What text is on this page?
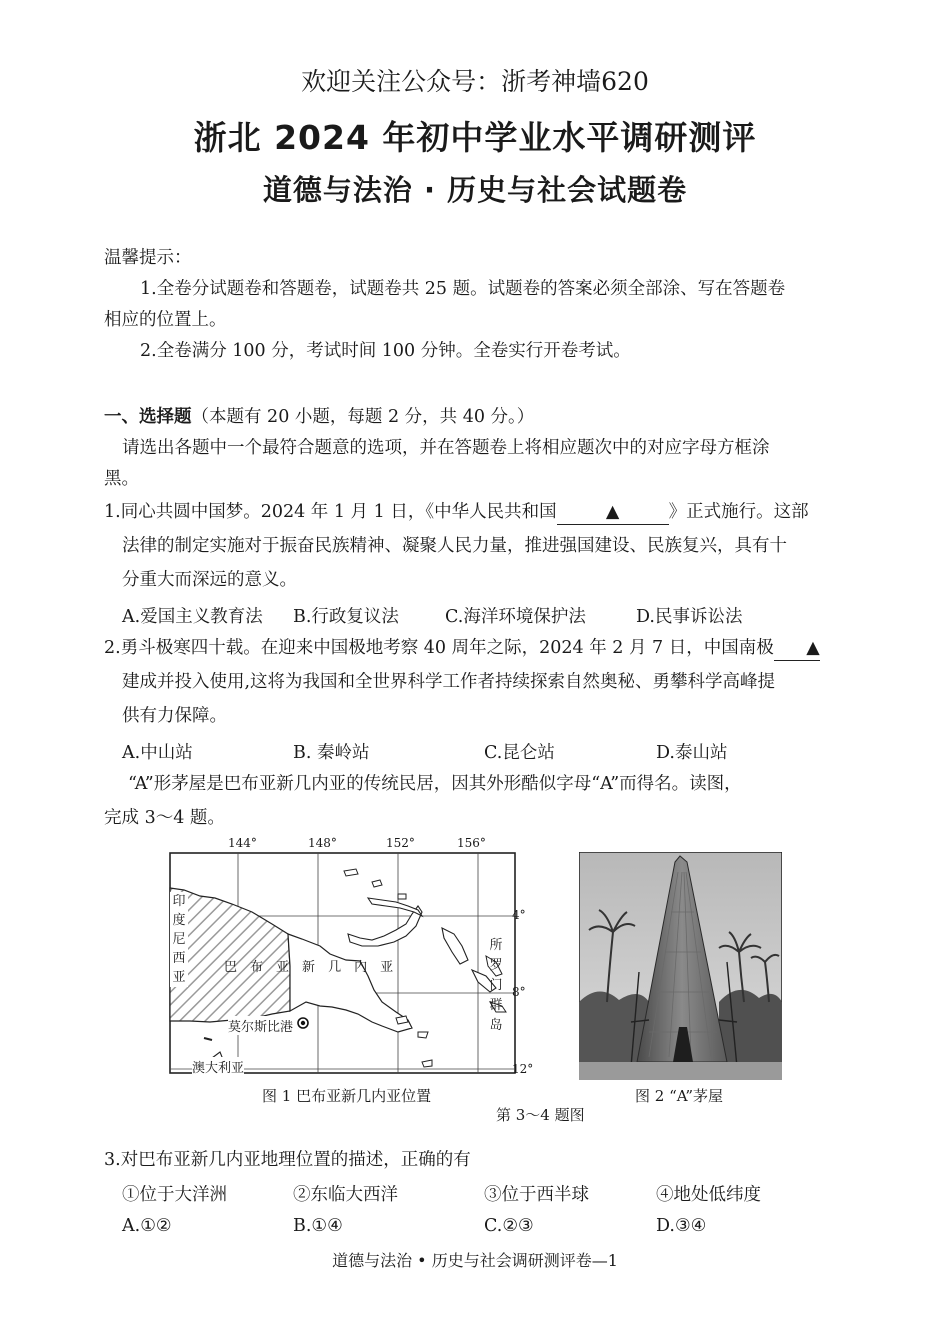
欢迎关注公众号：浙考神墙620
浙北 2024 年初中学业水平调研测评
道德与法治 · 历史与社会试题卷
温馨提示：
1.全卷分试题卷和答题卷，试题卷共 25 题。试题卷的答案必须全部涂、写在答题卷
相应的位置上。
2.全卷满分 100 分，考试时间 100 分钟。全卷实行开卷考试。
一、选择题（本题有 20 小题，每题 2 分，共 40 分。）
请选出各题中一个最符合题意的选项，并在答题卷上将相应题次中的对应字母方框涂
黑。
1.同心共圆中国梦。2024 年 1 月 1 日，《中华人民共和国	▲	》正式施行。这部
法律的制定实施对于振奋民族精神、凝聚人民力量，推进强国建设、民族复兴，具有十
分重大而深远的意义。
A.爱国主义教育法 B.行政复议法	C.海洋环境保护法	D.民事诉讼法
2.勇斗极寒四十载。在迎来中国极地考察 40 周年之际，2024 年 2 月 7 日，中国南极 ▲
建成并投入使用,这将为我国和全世界科学工作者持续探索自然奥秘、勇攀科学高峰提
供有力保障。
A.中山站	B. 秦岭站	C.昆仑站	D.泰山站
“A”形茅屋是巴布亚新几内亚的传统民居，因其外形酷似字母“A”而得名。读图，
完成 3～4 题。
144°	148°	152°	156°
4°
8°
12°
印
度
尼
西
亚
巴布亚新几内亚
所
罗
门
群
岛
莫尔斯比港
澳大利亚
图 1 巴布亚新几内亚位置	图 2 “A”茅屋
第 3～4 题图
3.对巴布亚新几内亚地理位置的描述，正确的有
①位于大洋洲	②东临大西洋	③位于西半球	④地处低纬度
A.①②	B.①④	C.②③	D.③④
道德与法治 • 历史与社会调研测评卷—1
